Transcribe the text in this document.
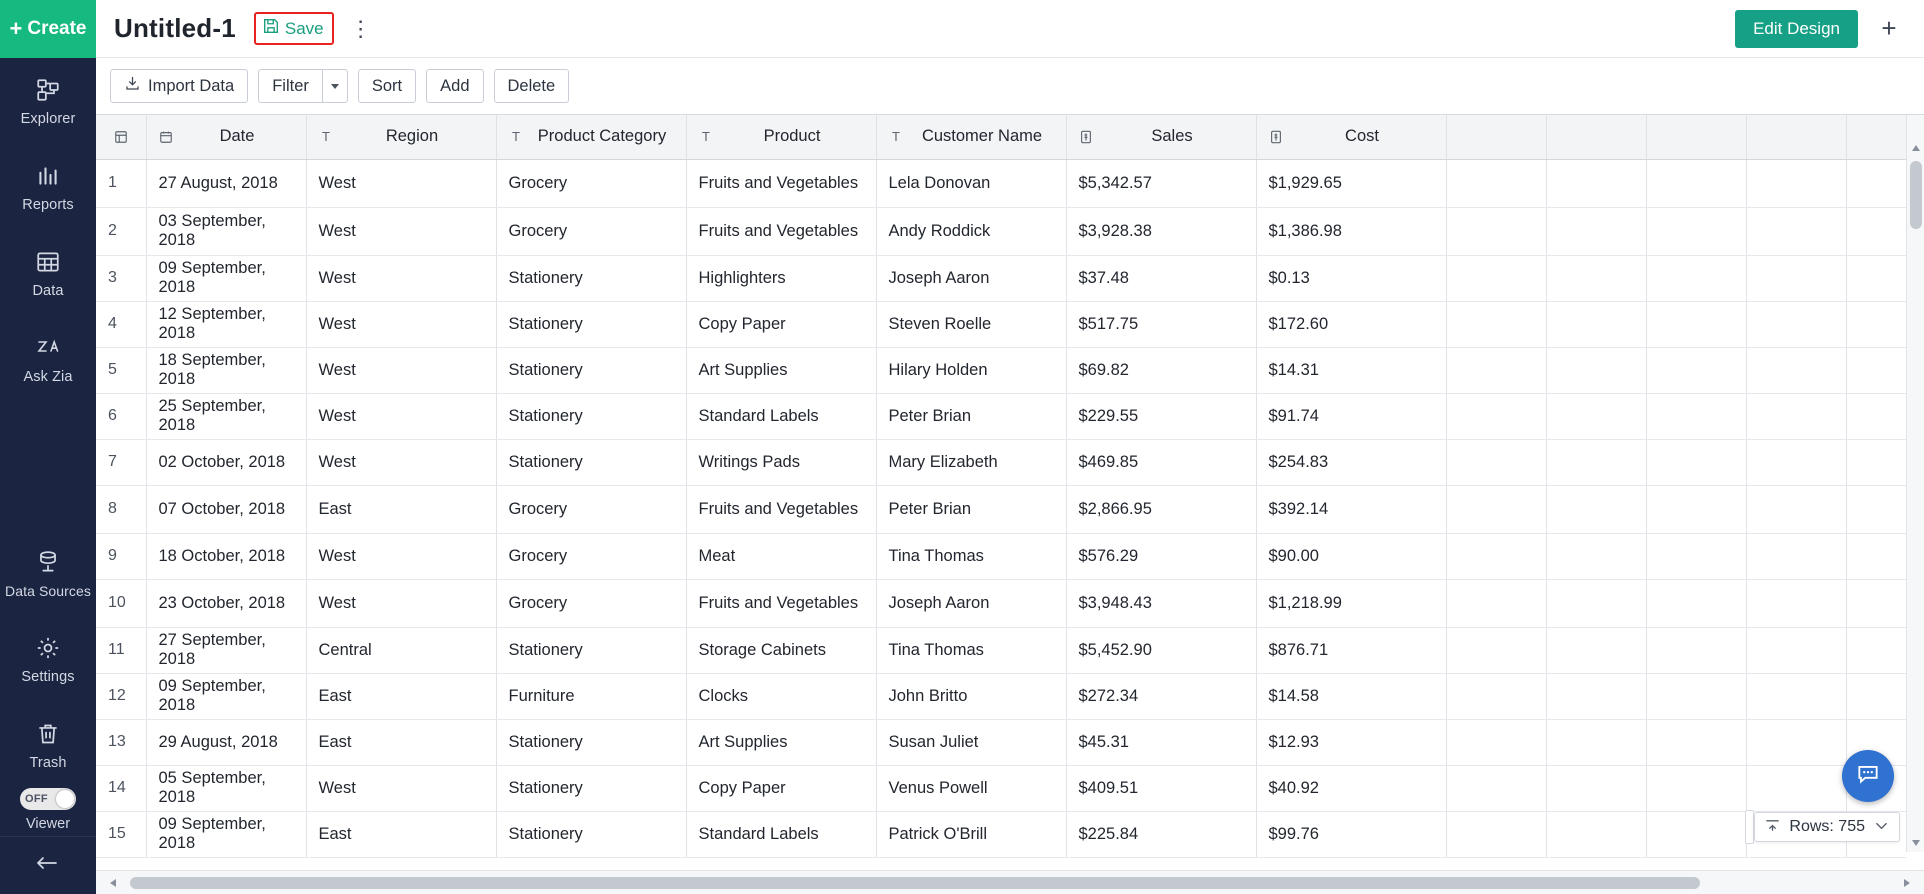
+ Create
Explorer
Reports
Data
Ask Zia
Data Sources
Settings
Trash
OFF
Viewer
Untitled-1	Save ⋮	Edit Design	+
Import Data Filter	Sort Add Delete

Date	T Region	T Product Category	T Product	T Customer Name	Sales	Cost					

1	27 August, 2018	West	Grocery	Fruits and Vegetables	Lela Donovan	$5,342.57	$1,929.65					
2	03 September, 2018	West	Grocery	Fruits and Vegetables	Andy Roddick	$3,928.38	$1,386.98					
3	09 September, 2018	West	Stationery	Highlighters	Joseph Aaron	$37.48	$0.13					
4	12 September, 2018	West	Stationery	Copy Paper	Steven Roelle	$517.75	$172.60					
5	18 September, 2018	West	Stationery	Art Supplies	Hilary Holden	$69.82	$14.31					
6	25 September, 2018	West	Stationery	Standard Labels	Peter Brian	$229.55	$91.74					
7	02 October, 2018	West	Stationery	Writings Pads	Mary Elizabeth	$469.85	$254.83					
8	07 October, 2018	East	Grocery	Fruits and Vegetables	Peter Brian	$2,866.95	$392.14					
9	18 October, 2018	West	Grocery	Meat	Tina Thomas	$576.29	$90.00					
10	23 October, 2018	West	Grocery	Fruits and Vegetables	Joseph Aaron	$3,948.43	$1,218.99					
11	27 September, 2018	Central	Stationery	Storage Cabinets	Tina Thomas	$5,452.90	$876.71					
12	09 September, 2018	East	Furniture	Clocks	John Britto	$272.34	$14.58					
13	29 August, 2018	East	Stationery	Art Supplies	Susan Juliet	$45.31	$12.93					
14	05 September, 2018	West	Stationery	Copy Paper	Venus Powell	$409.51	$40.92					
15	09 September, 2018	East	Stationery	Standard Labels	Patrick O'Brill	$225.84	$99.76						Rows: 755
